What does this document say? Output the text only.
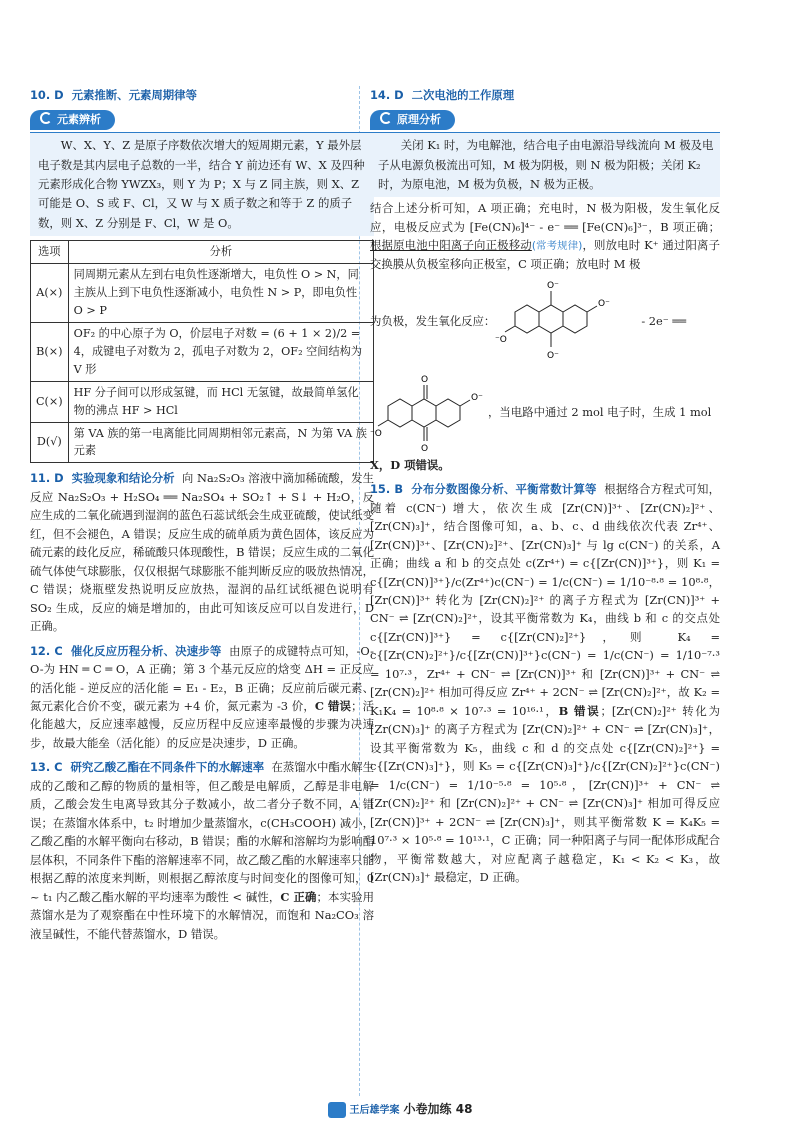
10. D 元素推断、元素周期律等
元素辨析
W、X、Y、Z 是原子序数依次增大的短周期元素，Y 最外层电子数是其内层电子总数的一半，结合 Y 前边还有 W、X 及四种元素形成化合物 YWZX₃，则 Y 为 P；X 与 Z 同主族，则 X、Z 可能是 O、S 或 F、Cl，又 W 与 X 质子数之和等于 Z 的质子数，则 X、Z 分别是 F、Cl，W 是 O。
选项	分析
A(×)	同周期元素从左到右电负性逐渐增大，电负性 O > N，同主族从上到下电负性逐渐减小，电负性 N > P，即电负性 O > P
B(×)	OF₂ 的中心原子为 O，价层电子对数 = (6 + 1 × 2)/2 = 4，成键电子对数为 2，孤电子对数为 2，OF₂ 空间结构为 V 形
C(×)	HF 分子间可以形成氢键，而 HCl 无氢键，故最简单氢化物的沸点 HF > HCl
D(√)	第 VA 族的第一电离能比同周期相邻元素高，N 为第 VA 族元素

11. D 实验现象和结论分析 向 Na₂S₂O₃ 溶液中滴加稀硫酸，发生反应 Na₂S₂O₃ + H₂SO₄ ══ Na₂SO₄ + SO₂↑ + S↓ + H₂O，反应生成的二氧化硫遇到湿润的蓝色石蕊试纸会生成亚硫酸，使试纸变红，但不会褪色，A 错误；反应生成的硫单质为黄色固体，该反应为硫元素的歧化反应，稀硫酸只体现酸性，B 错误；反应生成的二氧化硫气体使气球膨胀，仅仅根据气球膨胀不能判断反应的吸放热情况，C 错误；烧瓶壁发热说明反应放热，湿润的品红试纸褪色说明有 SO₂ 生成，反应的熵是增加的，由此可知该反应可以自发进行，D 正确。

12. C 催化反应历程分析、决速步等 由原子的成键特点可知，-O-O-为 HN ═ C ═ O，A 正确；第 3 个基元反应的焓变 ΔH = 正反应的活化能 - 逆反应的活化能 = E₁ - E₂，B 正确；反应前后碳元素、氮元素化合价不变，碳元素为 +4 价，氮元素为 -3 价，C 错误；活化能越大，反应速率越慢，反应历程中反应速率最慢的步骤为决速步，故最大能垒（活化能）的反应是决速步，D 正确。

13. C 研究乙酸乙酯在不同条件下的水解速率 在蒸馏水中酯水解生成的乙酸和乙醇的物质的量相等，但乙酸是电解质，乙醇是非电解质，乙酸会发生电离导致其分子数减小，故二者分子数不同，A 错误；在蒸馏水体系中，t₂ 时增加少量蒸馏水，c(CH₃COOH) 减小，乙酸乙酯的水解平衡向右移动，B 错误；酯的水解和溶解均为影响酯层体积，不同条件下酯的溶解速率不同，故乙酸乙酯的水解速率只能根据乙醇的浓度来判断，则根据乙醇浓度与时间变化的图像可知，0 ~ t₁ 内乙酸乙酯水解的平均速率为酸性 < 碱性，C 正确；本实验用蒸馏水是为了观察酯在中性环境下的水解情况，而饱和 Na₂CO₃ 溶液呈碱性，不能代替蒸馏水，D 错误。

14. D 二次电池的工作原理
原理分析
关闭 K₁ 时，为电解池，结合电子由电源沿导线流向 M 极及电子从电源负极流出可知，M 极为阴极，则 N 极为阳极；关闭 K₂ 时，为原电池，M 极为负极，N 极为正极。

结合上述分析可知，A 项正确；充电时，N 极为阳极，发生氧化反应，电极反应式为 [Fe(CN)₆]⁴⁻ - e⁻ ══ [Fe(CN)₆]³⁻，B 项正确；根据原电池中阳离子向正极移动(常考规律)，则放电时 K⁺ 通过阳离子交换膜从负极室移向正极室，C 项正确；放电时 M 极

为负极，发生氧化反应：
O⁻
O⁻
O⁻
⁻O
- 2e⁻ ══
O
O
O⁻
⁻O
，当电路中通过 2 mol 电子时，生成 1 mol

X，D 项错误。

15. B 分布分数图像分析、平衡常数计算等 根据络合方程式可知，随着 c(CN⁻) 增大，依次生成 [Zr(CN)]³⁺、[Zr(CN)₂]²⁺、[Zr(CN)₃]⁺，结合图像可知，a、b、c、d 曲线依次代表 Zr⁴⁺、[Zr(CN)]³⁺、[Zr(CN)₂]²⁺、[Zr(CN)₃]⁺ 与 lg c(CN⁻) 的关系，A 正确；曲线 a 和 b 的交点处 c(Zr⁴⁺) = c{[Zr(CN)]³⁺}，则 K₁ = c{[Zr(CN)]³⁺}/c(Zr⁴⁺)c(CN⁻) = 1/c(CN⁻) = 1/10⁻⁸·⁸ = 10⁸·⁸，[Zr(CN)]³⁺ 转化为 [Zr(CN)₂]²⁺ 的离子方程式为 [Zr(CN)]³⁺ + CN⁻ ⇌ [Zr(CN)₂]²⁺，设其平衡常数为 K₄，曲线 b 和 c 的交点处 c{[Zr(CN)]³⁺} = c{[Zr(CN)₂]²⁺}，则 K₄ = c{[Zr(CN)₂]²⁺}/c{[Zr(CN)]³⁺}c(CN⁻) = 1/c(CN⁻) = 1/10⁻⁷·³ = 10⁷·³，Zr⁴⁺ + CN⁻ ⇌ [Zr(CN)]³⁺ 和 [Zr(CN)]³⁺ + CN⁻ ⇌ [Zr(CN)₂]²⁺ 相加可得反应 Zr⁴⁺ + 2CN⁻ ⇌ [Zr(CN)₂]²⁺，故 K₂ = K₁K₄ = 10⁸·⁸ × 10⁷·³ = 10¹⁶·¹，B 错误；[Zr(CN)₂]²⁺ 转化为 [Zr(CN)₃]⁺ 的离子方程式为 [Zr(CN)₂]²⁺ + CN⁻ ⇌ [Zr(CN)₃]⁺，设其平衡常数为 K₅，曲线 c 和 d 的交点处 c{[Zr(CN)₂]²⁺} = c{[Zr(CN)₃]⁺}，则 K₅ = c{[Zr(CN)₃]⁺}/c{[Zr(CN)₂]²⁺}c(CN⁻) = 1/c(CN⁻) = 1/10⁻⁵·⁸ = 10⁵·⁸，[Zr(CN)]³⁺ + CN⁻ ⇌ [Zr(CN)₂]²⁺ 和 [Zr(CN)₂]²⁺ + CN⁻ ⇌ [Zr(CN)₃]⁺ 相加可得反应 [Zr(CN)]³⁺ + 2CN⁻ ⇌ [Zr(CN)₃]⁺，则其平衡常数 K = K₄K₅ = 10⁷·³ × 10⁵·⁸ = 10¹³·¹，C 正确；同一种阳离子与同一配体形成配合物，平衡常数越大，对应配离子越稳定，K₁ < K₂ < K₃，故 [Zr(CN)₃]⁺ 最稳定，D 正确。

王后雄学案 小卷加练 48
